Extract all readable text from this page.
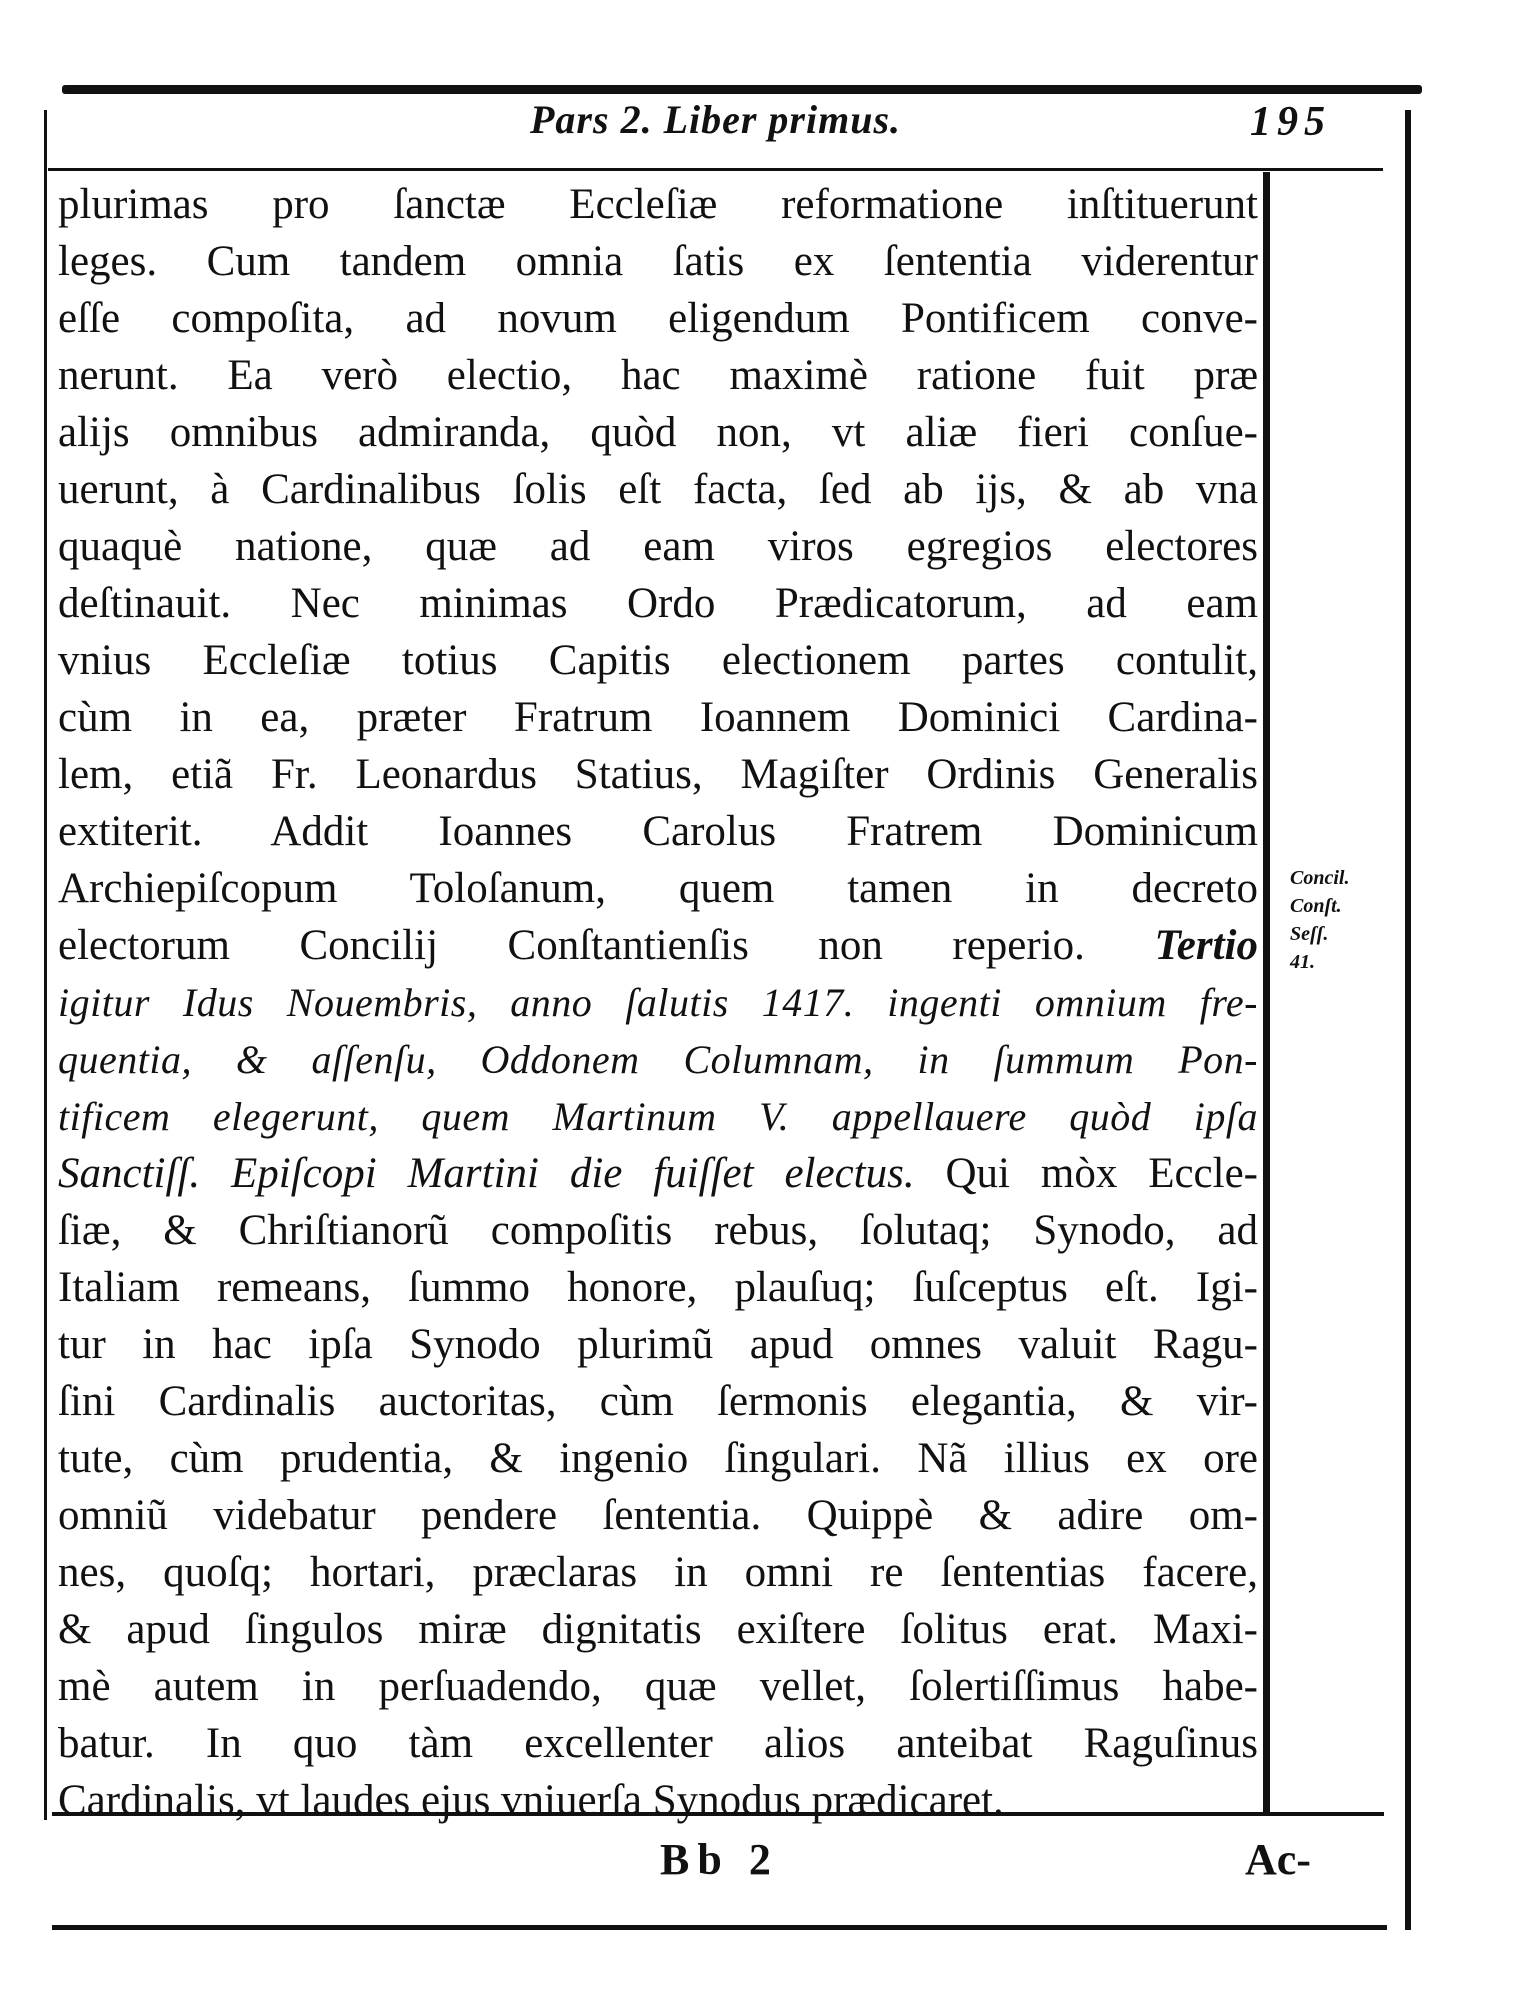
Pars 2. Liber primus.	195
plurimas pro ſanctæ Eccleſiæ reformatione inſtituerunt
leges. Cum tandem omnia ſatis ex ſententia viderentur
eſſe compoſita, ad novum eligendum Pontificem conve-
nerunt. Ea verò electio, hac maximè ratione fuit præ
alijs omnibus admiranda, quòd non, vt aliæ fieri conſue-
uerunt, à Cardinalibus ſolis eſt facta, ſed ab ijs, & ab vna
quaquè natione, quæ ad eam viros egregios electores
deſtinauit. Nec minimas Ordo Prædicatorum, ad eam
vnius Eccleſiæ totius Capitis electionem partes contulit,
cùm in ea, præter Fratrum Ioannem Dominici Cardina-
lem, etiã Fr. Leonardus Statius, Magiſter Ordinis Generalis
extiterit. Addit Ioannes Carolus Fratrem Dominicum
Archiepiſcopum Toloſanum, quem tamen in decreto
electorum Concilij Conſtantienſis non reperio. Tertio
igitur Idus Nouembris, anno ſalutis 1417. ingenti omnium fre-
quentia, & aſſenſu, Oddonem Columnam, in ſummum Pon-
tificem elegerunt, quem Martinum V. appellauere quòd ipſa
Sanctiſſ. Epiſcopi Martini die fuiſſet electus. Qui mòx Eccle-
ſiæ, & Chriſtianorũ compoſitis rebus, ſolutaq; Synodo, ad
Italiam remeans, ſummo honore, plauſuq; ſuſceptus eſt. Igi-
tur in hac ipſa Synodo plurimũ apud omnes valuit Ragu-
ſini Cardinalis auctoritas, cùm ſermonis elegantia, & vir-
tute, cùm prudentia, & ingenio ſingulari. Nã illius ex ore
omniũ videbatur pendere ſententia. Quippè & adire om-
nes, quoſq; hortari, præclaras in omni re ſententias facere,
& apud ſingulos miræ dignitatis exiſtere ſolitus erat. Maxi-
mè autem in perſuadendo, quæ vellet, ſolertiſſimus habe-
batur. In quo tàm excellenter alios anteibat Raguſinus
Cardinalis, vt laudes ejus vniuerſa Synodus prædicaret.
Concil.
Conſt.
Seſſ.
41.
Bb 2	Ac-
